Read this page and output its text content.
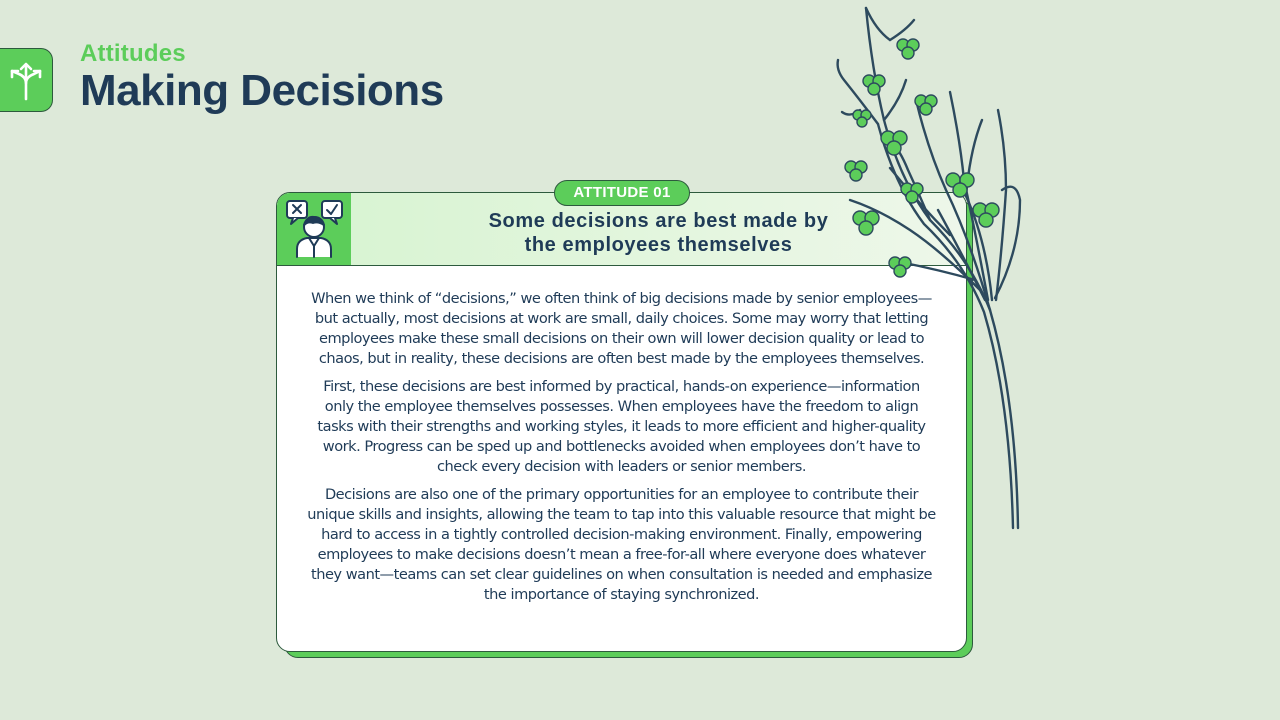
Attitudes
Making Decisions
Some decisions are best made by
the employees themselves

When we think of “decisions,” we often think of big decisions made by senior employees—but actually, most decisions at work are small, daily choices. Some may worry that letting employees make these small decisions on their own will lower decision quality or lead to chaos, but in reality, these decisions are often best made by the employees themselves.

First, these decisions are best informed by practical, hands-on experience—information only the employee themselves possesses. When employees have the freedom to align tasks with their strengths and working styles, it leads to more efficient and higher-quality work. Progress can be sped up and bottlenecks avoided when employees don’t have to check every decision with leaders or senior members.

Decisions are also one of the primary opportunities for an employee to contribute their unique skills and insights, allowing the team to tap into this valuable resource that might be hard to access in a tightly controlled decision-making environment. Finally, empowering employees to make decisions doesn’t mean a free-for-all where everyone does whatever they want—teams can set clear guidelines on when consultation is needed and emphasize the importance of staying synchronized.

ATTITUDE 01
